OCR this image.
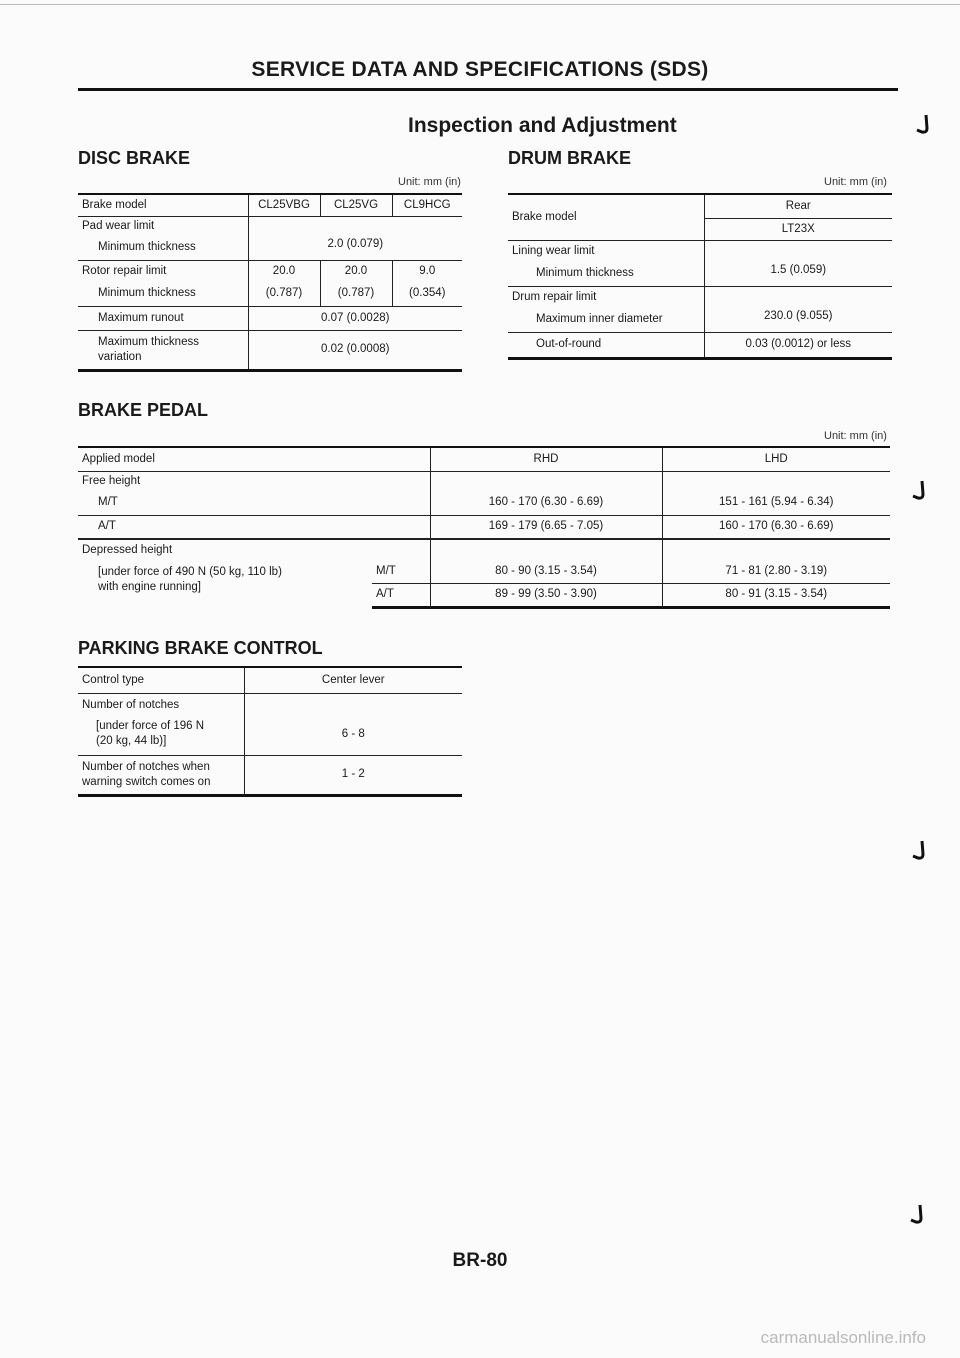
SERVICE DATA AND SPECIFICATIONS (SDS)
Inspection and Adjustment
DISC BRAKE
Unit: mm (in)
Brake model	CL25VBG	CL25VG	CL9HCG
Pad wear limit	2.0 (0.079)		
Minimum thickness			
Rotor repair limit	20.0	20.0	9.0
Minimum thickness	(0.787)	(0.787)	(0.354)
Maximum runout	0.07 (0.0028)		

Maximum thickness
variation	0.02 (0.0008)		
DRUM BRAKE
Unit: mm (in)
Brake model	Rear
	LT23X
Lining wear limit	1.5 (0.059)
Minimum thickness	
Drum repair limit	230.0 (9.055)
Maximum inner diameter	
Out-of-round	0.03 (0.0012) or less
BRAKE PEDAL
Unit: mm (in)
Applied model		RHD	LHD
Free height			
M/T		160 - 170 (6.30 - 6.69)	151 - 161 (5.94 - 6.34)
A/T		169 - 179 (6.65 - 7.05)	160 - 170 (6.30 - 6.69)
Depressed height			

[under force of 490 N (50 kg, 110 lb)
with engine running]	M/T	80 - 90 (3.15 - 3.54)	71 - 81 (2.80 - 3.19)
	A/T	89 - 99 (3.50 - 3.90)	80 - 91 (3.15 - 3.54)
PARKING BRAKE CONTROL
Control type	Center lever

Number of notches
[under force of 196 N
(20 kg, 44 lb)]	6 - 8

Number of notches when
warning switch comes on	1 - 2
BR-80
carmanualsonline.info
